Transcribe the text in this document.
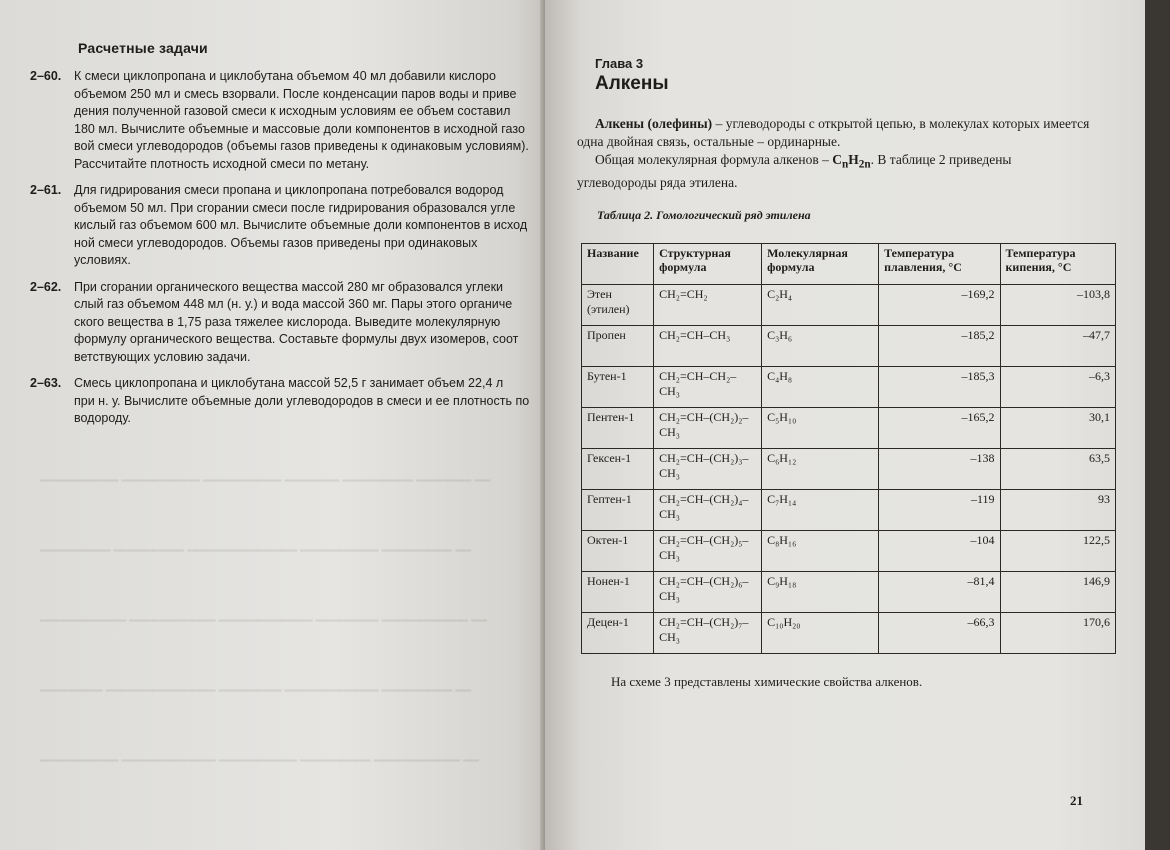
━━ ━━━━━━━ ━━━━━━━━━ ━━━━━━━ ━━━━━━━━━━ ━━━━━━━━━━ ━━━━━━━━━━
━━ ━━━━━━━━━ ━━━━━━━━━━ ━━━━━━━━━━━━━━ ━━━━━━━━━ ━━━━━━━━━
━━ ━━━━━━━━━━━ ━━━━━━━━ ━━━━━━━━━━━━ ━━━━━━━━━━━ ━━━━━━━━━━━
━━ ━━━━━━━━━ ━━━━━━━━━━━━ ━━━━━━━━ ━━━━━━━━━━━━━━ ━━━━━━━━
━━ ━━━━━━━━━━━ ━━━━━━━━━ ━━━━━━━━━━ ━━━━━━━━━━━━ ━━━━━━━━━━
Расчетные задачи
2–60.	К смеси циклопропана и циклобутана объемом 40 мл добавили кислоро
объемом 250 мл и смесь взорвали. После конденсации паров воды и приве
дения полученной газовой смеси к исходным условиям ее объем составил
180 мл. Вычислите объемные и массовые доли компонентов в исходной газо
вой смеси углеводородов (объемы газов приведены к одинаковым условиям).
Рассчитайте плотность исходной смеси по метану.
2–61.	Для гидрирования смеси пропана и циклопропана потребовался водород
объемом 50 мл. При сгорании смеси после гидрирования образовался угле
кислый газ объемом 600 мл. Вычислите объемные доли компонентов в исход
ной смеси углеводородов. Объемы газов приведены при одинаковых
условиях.
2–62.	При сгорании органического вещества массой 280 мг образовался углеки
слый газ объемом 448 мл (н. у.) и вода массой 360 мг. Пары этого органиче
ского вещества в 1,75 раза тяжелее кислорода. Выведите молекулярную
формулу органического вещества. Составьте формулы двух изомеров, соот
ветствующих условию задачи.
2–63.	Смесь циклопропана и циклобутана массой 52,5 г занимает объем 22,4 л
при н. у. Вычислите объемные доли углеводородов в смеси и ее плотность по
водороду.
Глава 3
Алкены

Алкены (олефины) – углеводороды с открытой цепью, в молекулах которых имеется одна двойная связь, остальные – ординарные.

Общая молекулярная формула алкенов – $C_nH_{2n}$. В таблице 2 приведены углеводороды ряда этилена.

Таблица 2. Гомологический ряд этилена
Название	Структурная формула	Молекулярная формула	Температура плавления, °C	Температура кипения, °C
Этен (этилен)	CH₂=CH₂	C₂H₄	–169,2	–103,8
Пропен	CH₂=CH–CH₃	C₃H₆	–185,2	–47,7
Бутен-1	CH₂=CH–CH₂–CH₃	C₄H₈	–185,3	–6,3
Пентен-1	CH₂=CH–(CH₂)₂–CH₃	C₅H₁₀	–165,2	30,1
Гексен-1	CH₂=CH–(CH₂)₃–CH₃	C₆H₁₂	–138	63,5
Гептен-1	CH₂=CH–(CH₂)₄–CH₃	C₇H₁₄	–119	93
Октен-1	CH₂=CH–(CH₂)₅–CH₃	C₈H₁₆	–104	122,5
Нонен-1	CH₂=CH–(CH₂)₆–CH₃	C₉H₁₈	–81,4	146,9
Децен-1	CH₂=CH–(CH₂)₇–CH₃	C₁₀H₂₀	–66,3	170,6
На схеме 3 представлены химические свойства алкенов.
21
